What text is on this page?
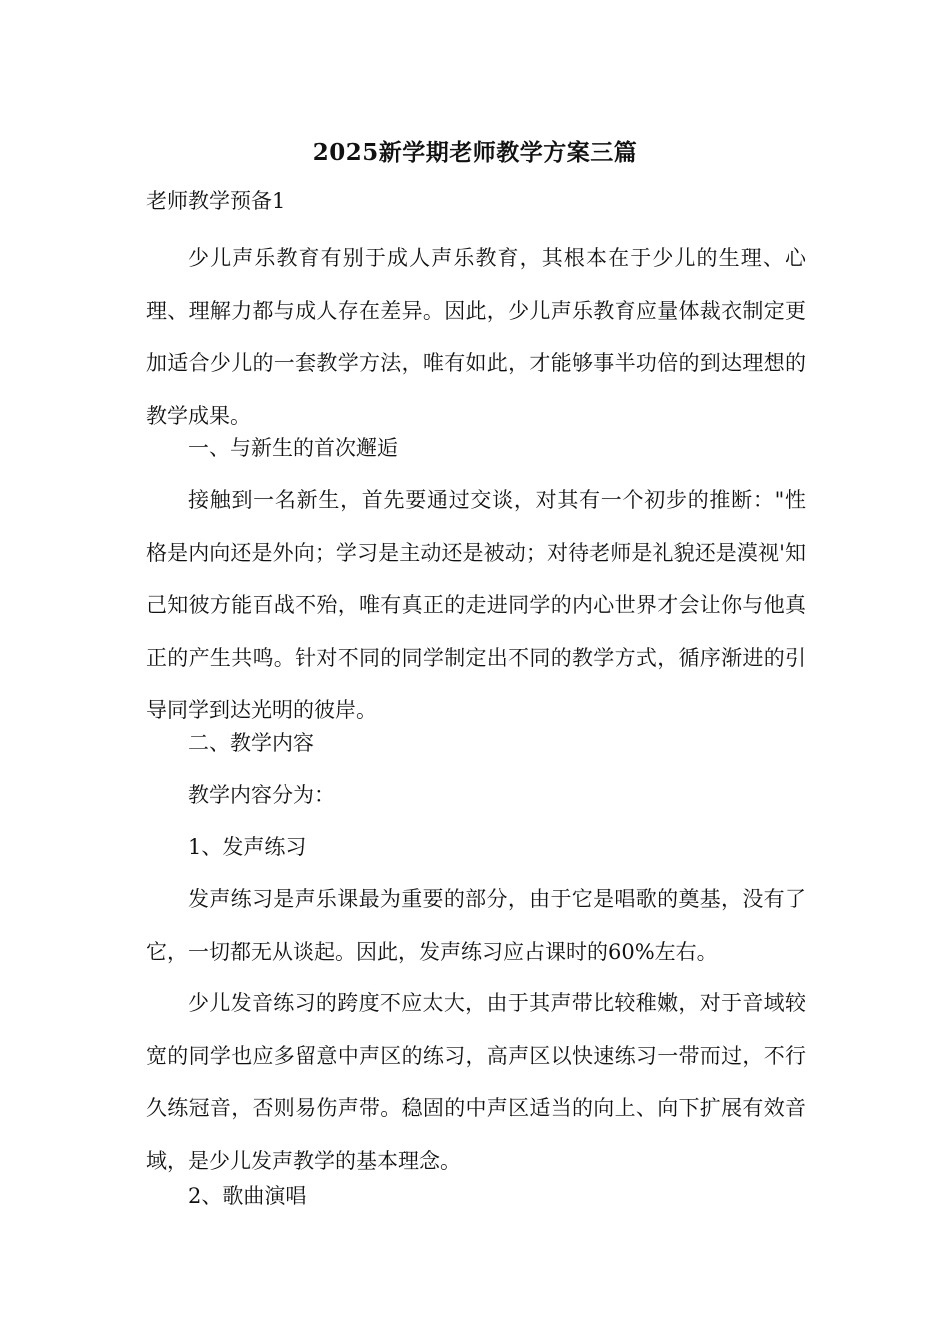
2025新学期老师教学方案三篇
老师教学预备1

少儿声乐教育有别于成人声乐教育，其根本在于少儿的生理、心理、理解力都与成人存在差异。因此，少儿声乐教育应量体裁衣制定更加适合少儿的一套教学方法，唯有如此，才能够事半功倍的到达理想的教学成果。

一、与新生的首次邂逅

接触到一名新生，首先要通过交谈，对其有一个初步的推断："性格是内向还是外向；学习是主动还是被动；对待老师是礼貌还是漠视'知己知彼方能百战不殆，唯有真正的走进同学的内心世界才会让你与他真正的产生共鸣。针对不同的同学制定出不同的教学方式，循序渐进的引导同学到达光明的彼岸。

二、教学内容

教学内容分为：

1、发声练习

发声练习是声乐课最为重要的部分，由于它是唱歌的奠基，没有了它，一切都无从谈起。因此，发声练习应占课时的60%左右。

少儿发音练习的跨度不应太大，由于其声带比较稚嫩，对于音域较宽的同学也应多留意中声区的练习，高声区以快速练习一带而过，不行久练冠音，否则易伤声带。稳固的中声区适当的向上、向下扩展有效音域，是少儿发声教学的基本理念。

2、歌曲演唱
